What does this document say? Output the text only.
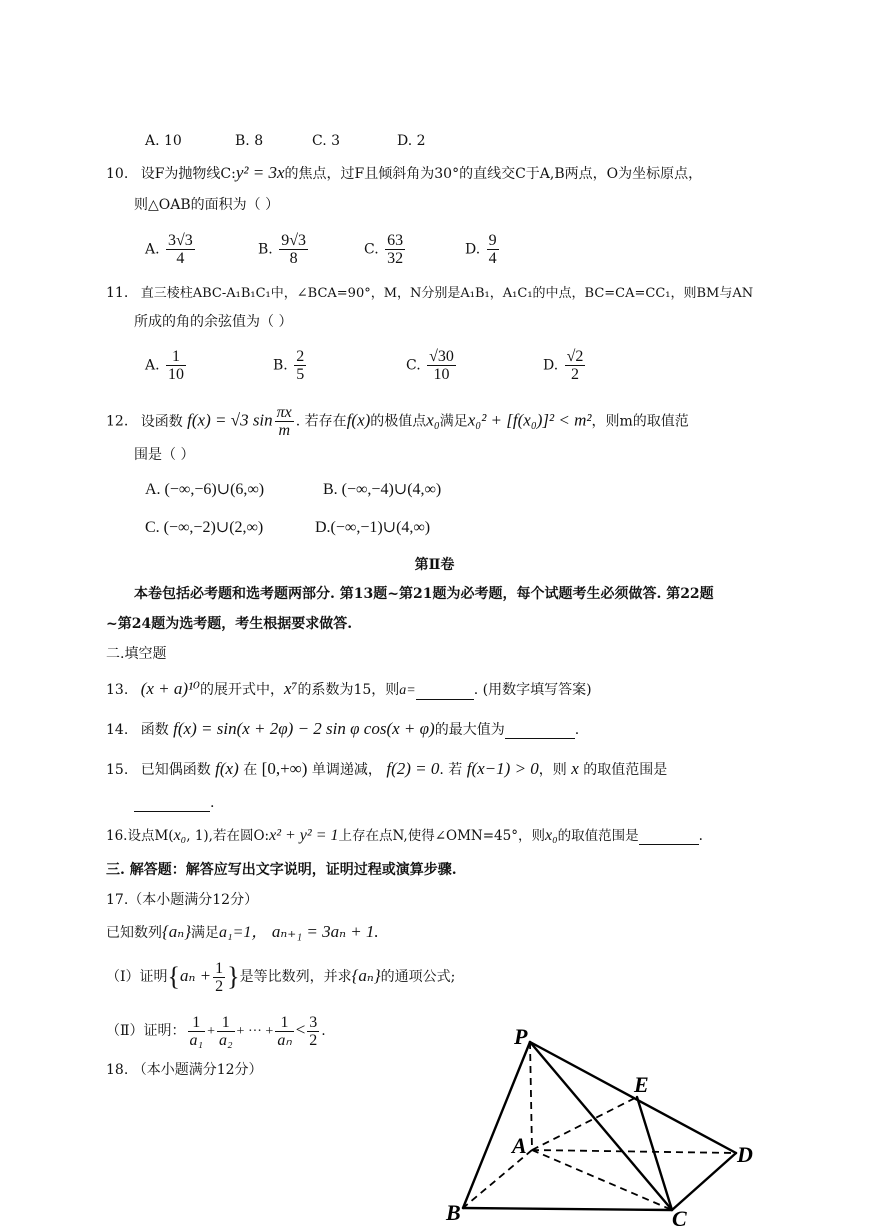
A. 10	B. 8	C. 3	D. 2
10. 设F为抛物线C:y² = 3x的焦点，过F且倾斜角为30°的直线交C于A,B两点，O为坐标原点，
则△OAB的面积为（ ）
A. $\frac{3√3}{4}$	B. $\frac{9√3}{8}$	C. $\frac{63}{32}$	D. $\frac{9}{4}$
11. 直三棱柱ABC-A₁B₁C₁中，∠BCA=90°，M，N分别是A₁B₁，A₁C₁的中点，BC=CA=CC₁，则BM与AN
所成的角的余弦值为（ ）
A. $\frac{1}{10}$	B. $\frac{2}{5}$	C. $\frac{√30}{10}$	D. $\frac{√2}{2}$
12. 设函数 f(x) = √3 $\sin \frac{\pi x}{m}$ . 若存在f(x)的极值点x₀满足x₀² + [f(x₀)]² < m²，则m的取值范
围是（ ）
A. (−∞,−6)∪(6,∞)	B. (−∞,−4)∪(4,∞)
C. (−∞,−2)∪(2,∞)	D.(−∞,−1)∪(4,∞)
第Ⅱ卷
本卷包括必考题和选考题两部分. 第13题~第21题为必考题，每个试题考生必须做答. 第22题
~第24题为选考题，考生根据要求做答.
二.填空题
13. (x + a)¹⁰的展开式中，x⁷的系数为15，则a=	. (用数字填写答案)
14. 函数 f(x) = sin(x + 2φ) − 2 sin φ cos(x + φ)的最大值为	.
15. 已知偶函数 f(x) 在 [0,+∞) 单调递减， f(2) = 0. 若 f(x−1) > 0，则 x 的取值范围是
.
16.设点M(x₀, 1),若在圆O:x² + y² = 1上存在点N,使得∠OMN=45°，则x₀的取值范围是	.
三. 解答题：解答应写出文字说明，证明过程或演算步骤.
17.（本小题满分12分）
已知数列{aₙ}满足a₁=1， aₙ₊₁ = 3aₙ + 1.
（Ⅰ）证明{$a_n + \frac{1}{2}$ }是等比数列，并求{aₙ}的通项公式;
（Ⅱ）证明： $\frac{1}{\text{a₁}} + \frac{1}{\text{a₂}}$ + ··· + $\frac{1}{\text{aₙ}} < \frac{3}{2}$ .
18. （本小题满分12分）
P
E
A	D
B	C
